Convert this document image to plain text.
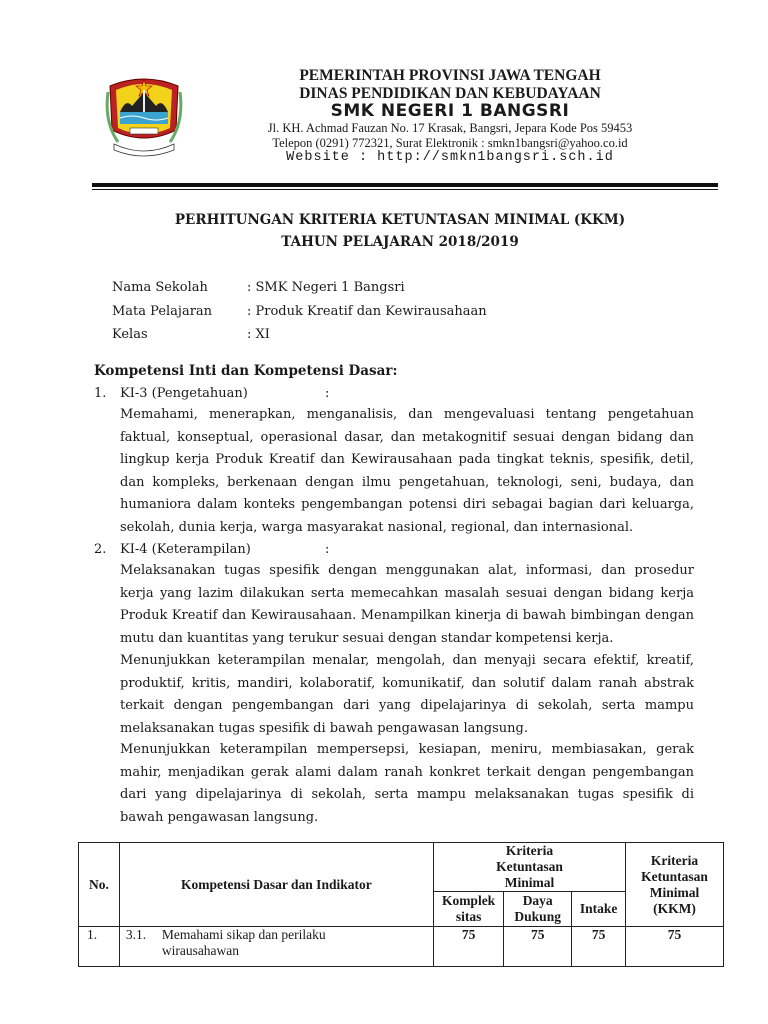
PEMERINTAH PROVINSI JAWA TENGAH
DINAS PENDIDIKAN DAN KEBUDAYAAN
SMK NEGERI 1 BANGSRI
Jl. KH. Achmad Fauzan No. 17 Krasak, Bangsri, Jepara Kode Pos 59453
Telepon (0291) 772321, Surat Elektronik : smkn1bangsri@yahoo.co.id
Website : http://smkn1bangsri.sch.id
PERHITUNGAN KRITERIA KETUNTASAN MINIMAL (KKM)
TAHUN PELAJARAN 2018/2019
Nama Sekolah	: SMK Negeri 1 Bangsri
Mata Pelajaran	: Produk Kreatif dan Kewirausahaan
Kelas	: XI
Kompetensi Inti dan Kompetensi Dasar:
1. KI-3 (Pengetahuan)	:
Memahami, menerapkan, menganalisis, dan mengevaluasi tentang pengetahuan faktual, konseptual, operasional dasar, dan metakognitif sesuai dengan bidang dan lingkup kerja Produk Kreatif dan Kewirausahaan pada tingkat teknis, spesifik, detil, dan kompleks, berkenaan dengan ilmu pengetahuan, teknologi, seni, budaya, dan humaniora dalam konteks pengembangan potensi diri sebagai bagian dari keluarga, sekolah, dunia kerja, warga masyarakat nasional, regional, dan internasional.
2. KI-4 (Keterampilan)	:
Melaksanakan tugas spesifik dengan menggunakan alat, informasi, dan prosedur kerja yang lazim dilakukan serta memecahkan masalah sesuai dengan bidang kerja Produk Kreatif dan Kewirausahaan. Menampilkan kinerja di bawah bimbingan dengan mutu dan kuantitas yang terukur sesuai dengan standar kompetensi kerja.
Menunjukkan keterampilan menalar, mengolah, dan menyaji secara efektif, kreatif, produktif, kritis, mandiri, kolaboratif, komunikatif, dan solutif dalam ranah abstrak terkait dengan pengembangan dari yang dipelajarinya di sekolah, serta mampu melaksanakan tugas spesifik di bawah pengawasan langsung.
Menunjukkan keterampilan mempersepsi, kesiapan, meniru, membiasakan, gerak mahir, menjadikan gerak alami dalam ranah konkret terkait dengan pengembangan dari yang dipelajarinya di sekolah, serta mampu melaksanakan tugas spesifik di bawah pengawasan langsung.
No.	Kompetensi Dasar dan Indikator	Kriteria Ketuntasan Minimal			Kriteria Ketuntasan Minimal (KKM)
		Komplek sitas	Daya Dukung	Intake	
1.	3.1. Memahami sikap dan perilaku wirausahawan	75	75	75	75
